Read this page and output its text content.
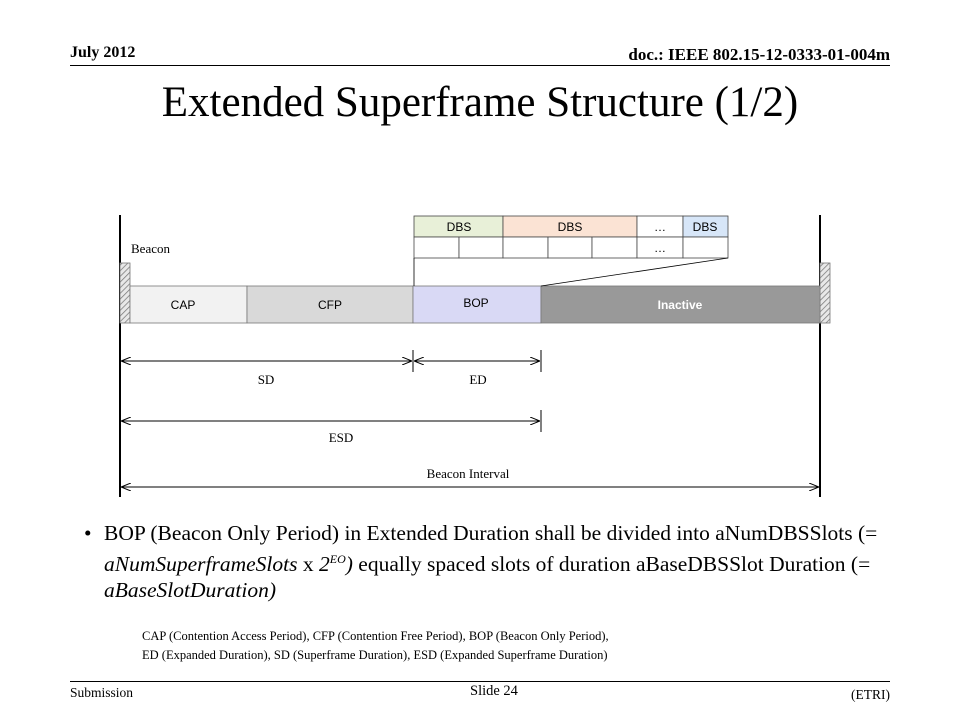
July 2012	doc.: IEEE 802.15-12-0333-01-004m
Extended Superframe Structure (1/2)
Beacon
CAP	CFP	BOP	Inactive
DBS	DBS	… DBS
…
SD	ED
ESD
Beacon Interval
• BOP (Beacon Only Period) in Extended Duration shall be divided into aNumDBSSlots (= aNumSuperframeSlots x $2^{EO}$) equally spaced slots of duration aBaseDBSSlot Duration (= aBaseSlotDuration)
CAP (Contention Access Period), CFP (Contention Free Period), BOP (Beacon Only Period),
ED (Expanded Duration), SD (Superframe Duration), ESD (Expanded Superframe Duration)
Submission	Slide 24	(ETRI)
